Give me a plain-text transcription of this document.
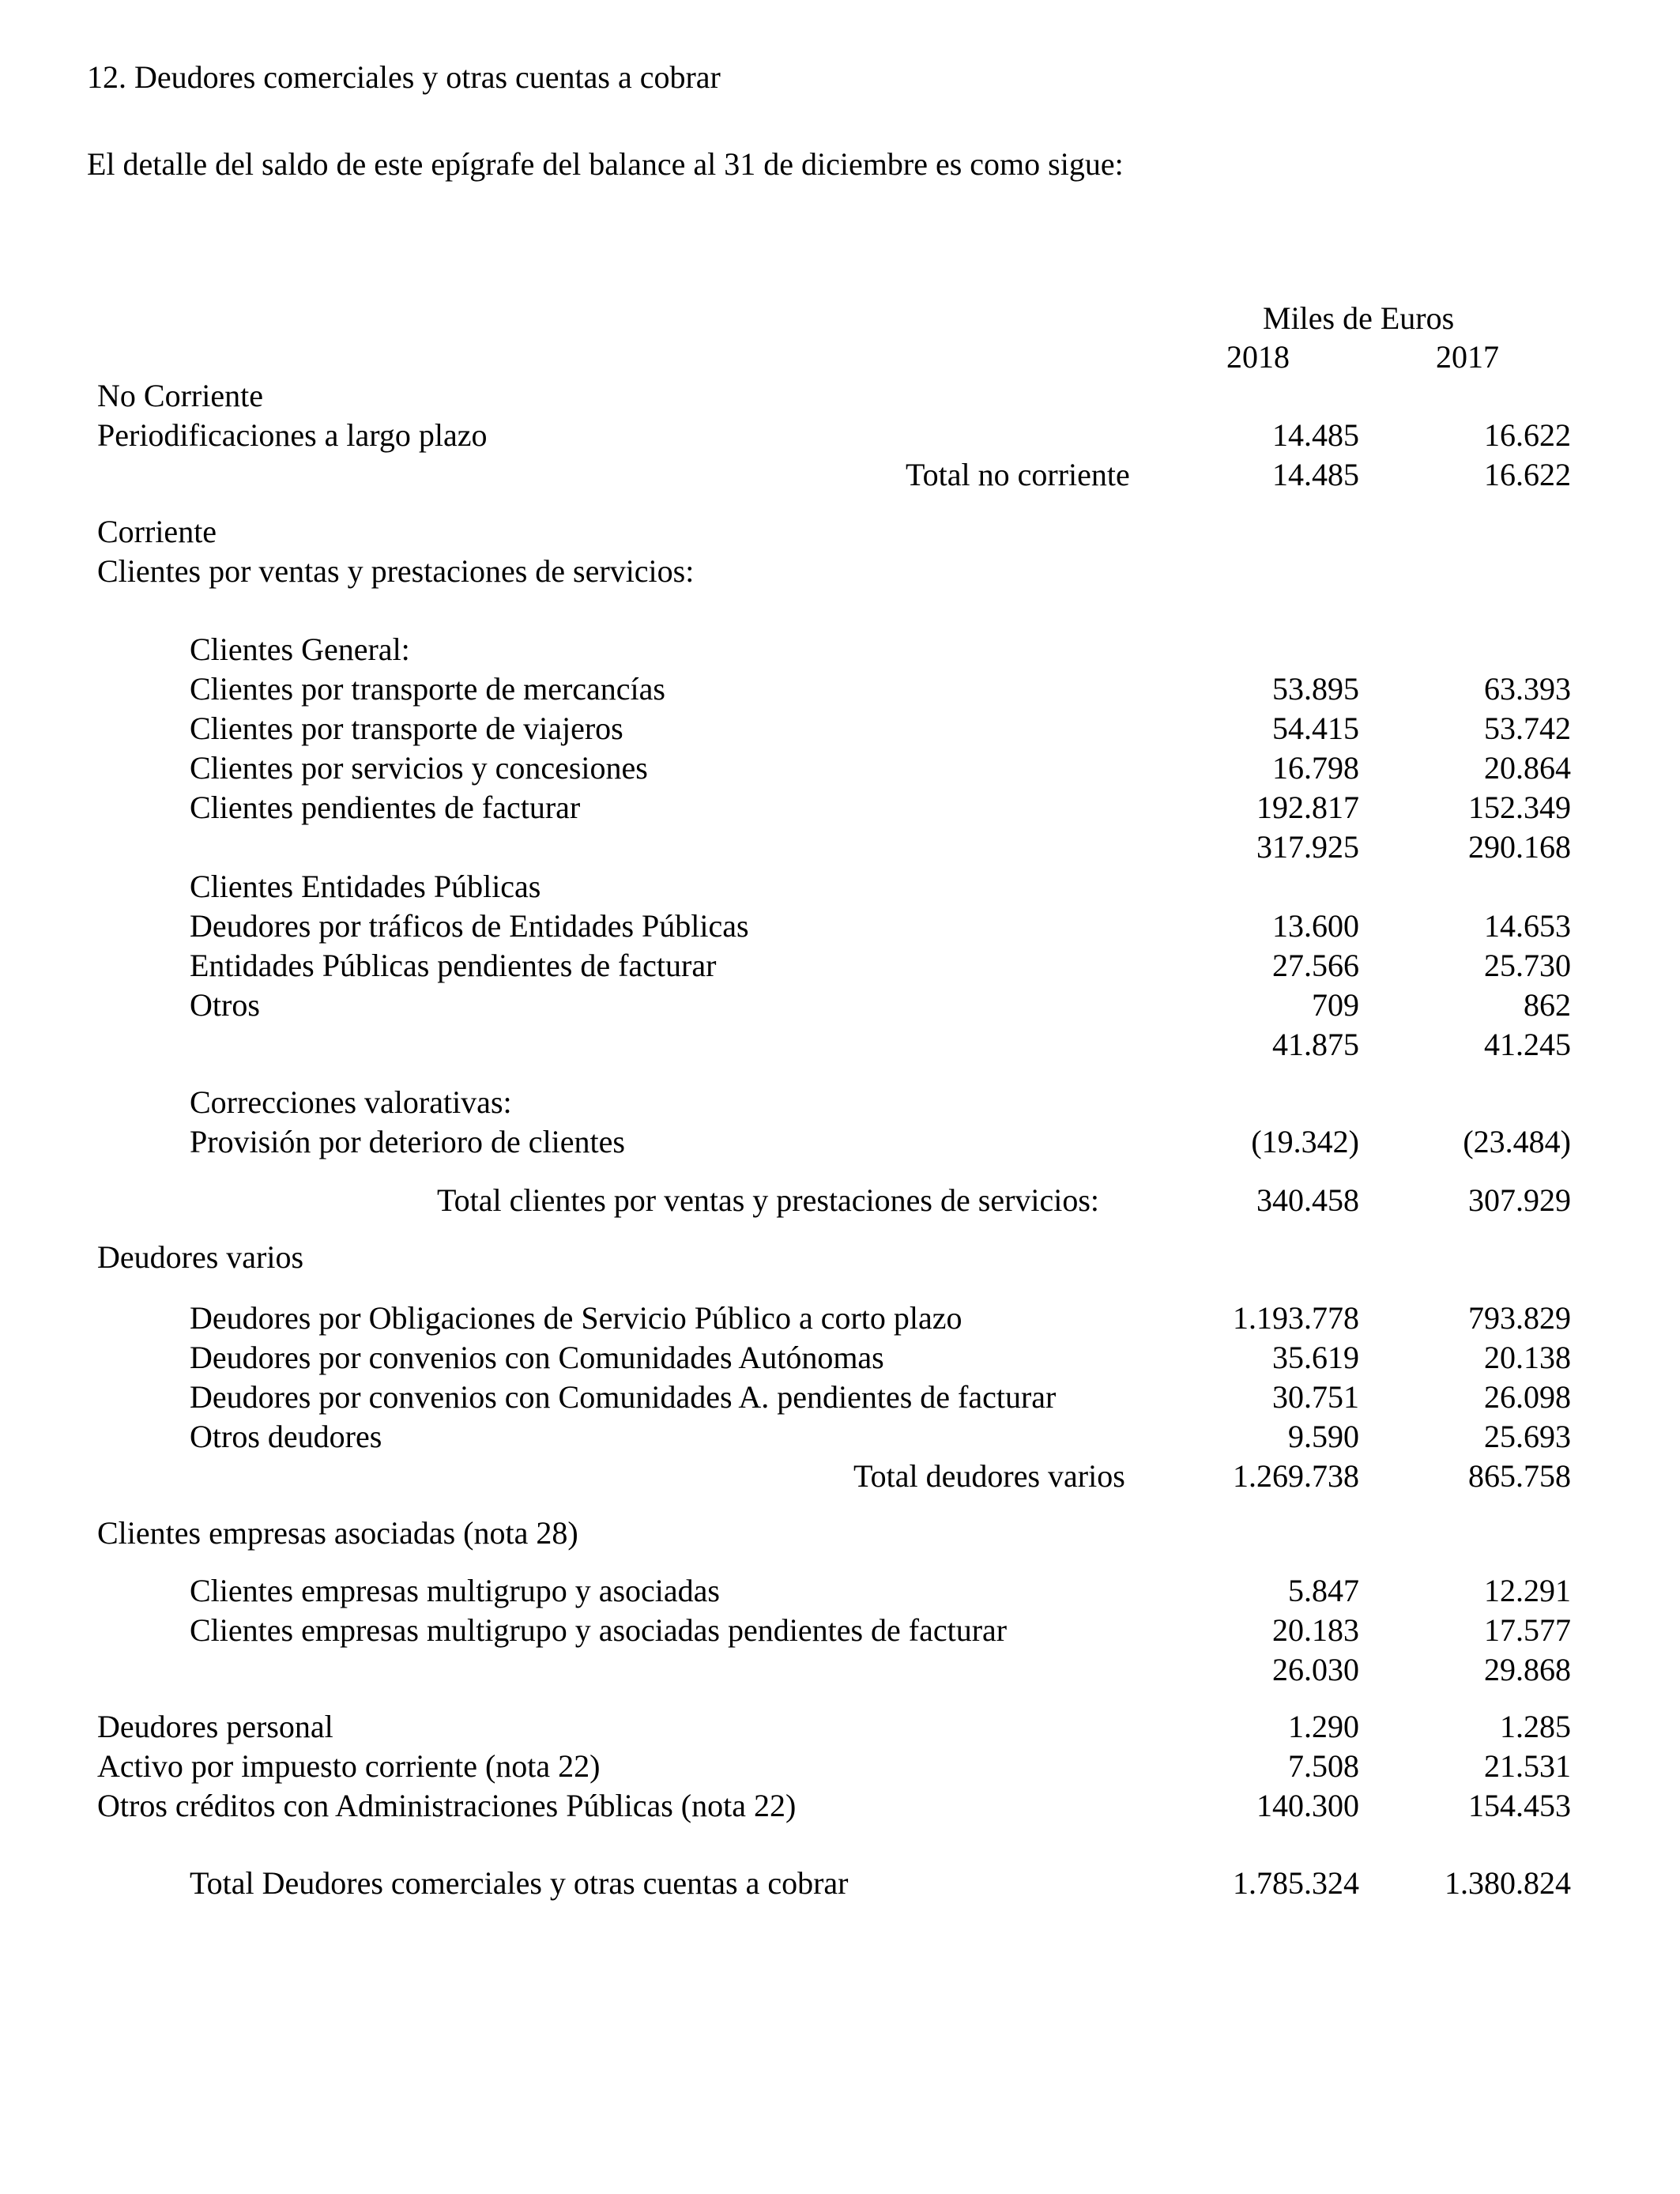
12. Deudores comerciales y otras cuentas a cobrar
El detalle del saldo de este epígrafe del balance al 31 de diciembre es como sigue:
Miles de Euros
2018	2017
No Corriente
Periodificaciones a largo plazo	14.485	16.622
Total no corriente	14.485	16.622
Corriente
Clientes por ventas y prestaciones de servicios:
Clientes General:
Clientes por transporte de mercancías	53.895	63.393
Clientes por transporte de viajeros	54.415	53.742
Clientes por servicios y concesiones	16.798	20.864
Clientes pendientes de facturar	192.817	152.349
317.925	290.168
Clientes Entidades Públicas
Deudores por tráficos de Entidades Públicas	13.600	14.653
Entidades Públicas pendientes de facturar	27.566	25.730
Otros	709	862
41.875	41.245
Correcciones valorativas:
Provisión por deterioro de clientes	(19.342)	(23.484)
Total clientes por ventas y prestaciones de servicios:	340.458	307.929
Deudores varios
Deudores por Obligaciones de Servicio Público a corto plazo	1.193.778	793.829
Deudores por convenios con Comunidades Autónomas	35.619	20.138
Deudores por convenios con Comunidades A. pendientes de facturar	30.751	26.098
Otros deudores	9.590	25.693
Total deudores varios	1.269.738	865.758
Clientes empresas asociadas (nota 28)
Clientes empresas multigrupo y asociadas	5.847	12.291
Clientes empresas multigrupo y asociadas pendientes de facturar	20.183	17.577
26.030	29.868
Deudores personal	1.290	1.285
Activo por impuesto corriente (nota 22)	7.508	21.531
Otros créditos con Administraciones Públicas (nota 22)	140.300	154.453
Total Deudores comerciales y otras cuentas a cobrar	1.785.324	1.380.824
